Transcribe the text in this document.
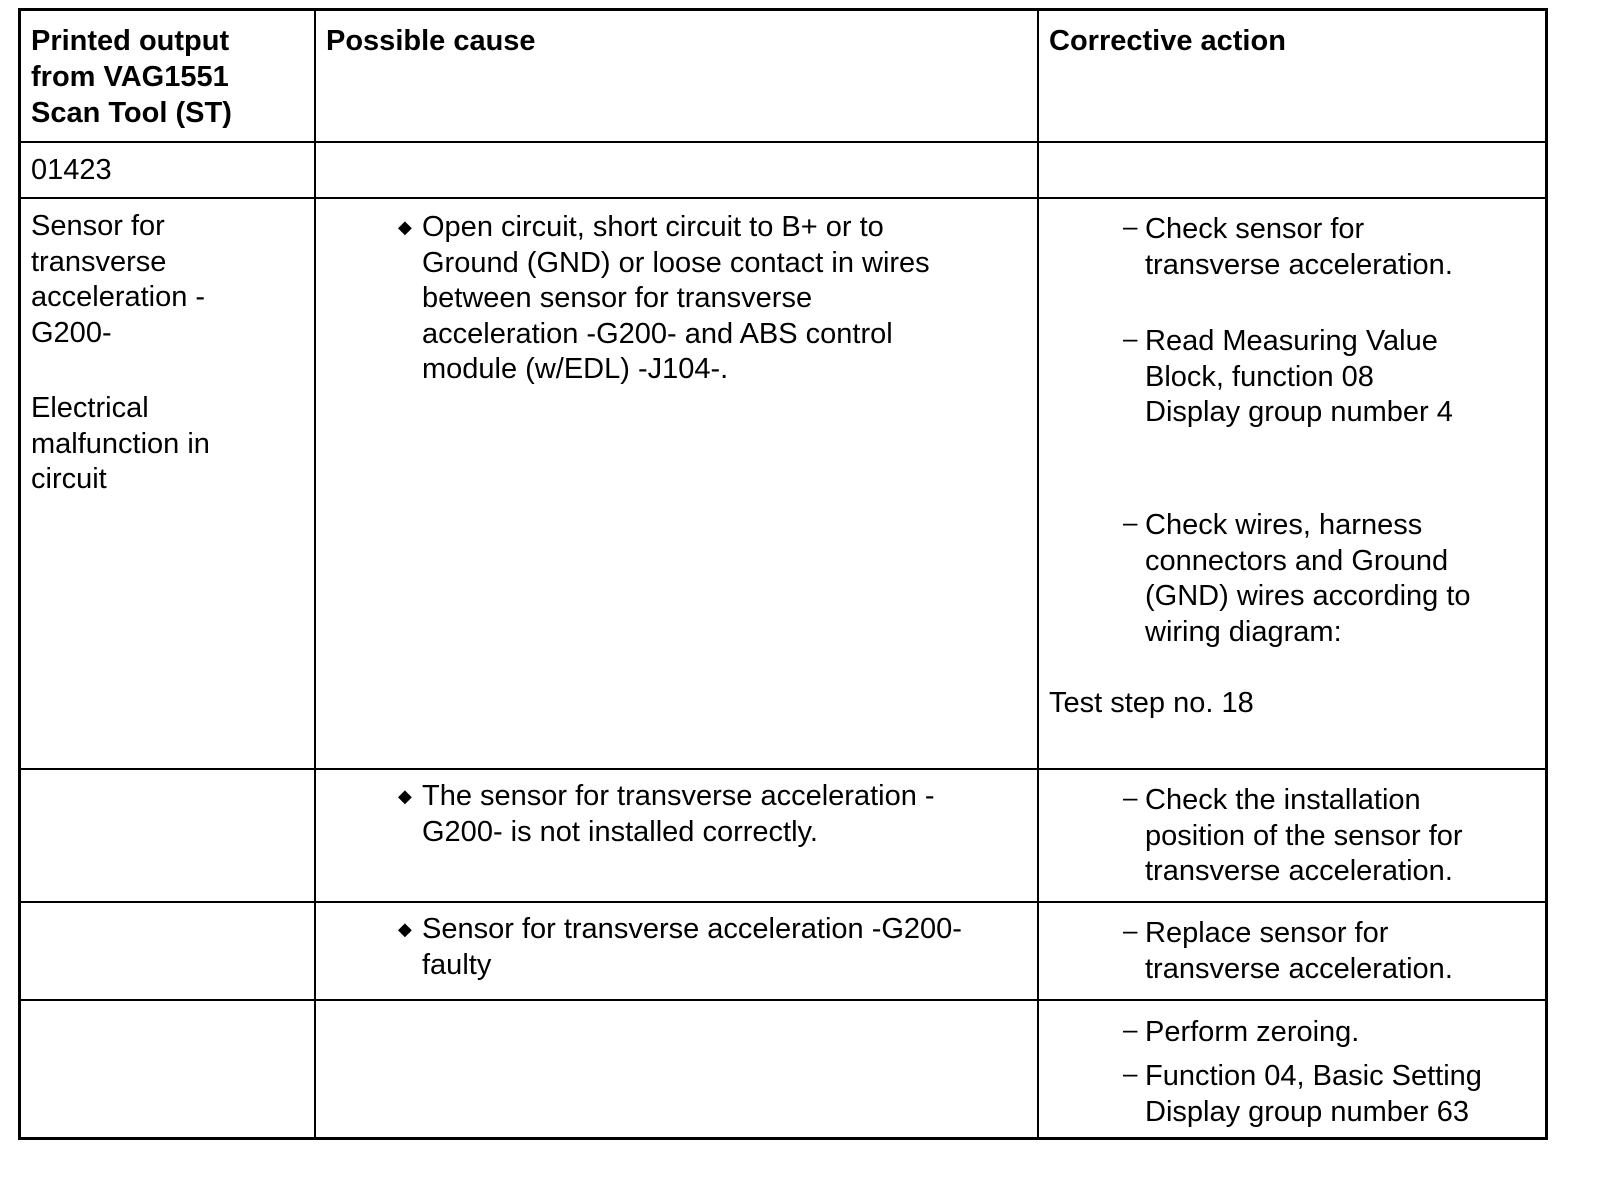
Printed output
from VAG1551
Scan Tool (ST)
Possible cause	Corrective action
01423
Sensor for
transverse
acceleration -
G200-
Electrical
malfunction in
circuit
◆ Open circuit, short circuit to B+ or to
Ground (GND) or loose contact in wires
between sensor for transverse
acceleration -G200- and ABS control
module (w/EDL) -J104-.
– Check sensor for
transverse acceleration.
– Read Measuring Value
Block, function 08
Display group number 4
– Check wires, harness
connectors and Ground
(GND) wires according to
wiring diagram:
Test step no. 18
◆ The sensor for transverse acceleration -
G200- is not installed correctly.
– Check the installation
position of the sensor for
transverse acceleration.
◆ Sensor for transverse acceleration -G200-
faulty
– Replace sensor for
transverse acceleration.
– Perform zeroing.
– Function 04, Basic Setting
Display group number 63
